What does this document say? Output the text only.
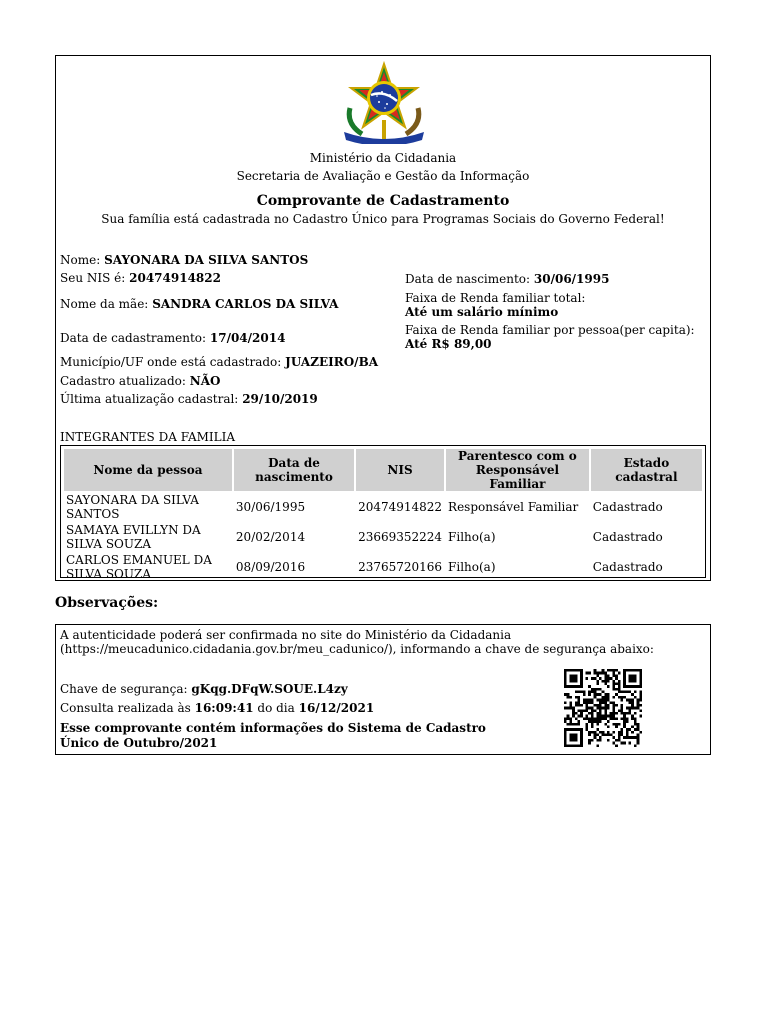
Ministério da Cidadania
Secretaria de Avaliação e Gestão da Informação
Comprovante de Cadastramento
Sua família está cadastrada no Cadastro Único para Programas Sociais do Governo Federal!
Nome: SAYONARA DA SILVA SANTOS
Seu NIS é: 20474914822
Nome da mãe: SANDRA CARLOS DA SILVA
Data de cadastramento: 17/04/2014
Município/UF onde está cadastrado: JUAZEIRO/BA
Cadastro atualizado: NÃO
Última atualização cadastral: 29/10/2019
Data de nascimento: 30/06/1995
Faixa de Renda familiar total:
Até um salário mínimo
Faixa de Renda familiar por pessoa(per capita):
Até R$ 89,00
INTEGRANTES DA FAMILIA
Nome da pessoa	Data de nascimento	NIS	Parentesco com o Responsável Familiar	Estado cadastral
SAYONARA DA SILVA SANTOS	30/06/1995	20474914822	Responsável Familiar	Cadastrado
SAMAYA EVILLYN DA SILVA SOUZA	20/02/2014	23669352224	Filho(a)	Cadastrado
CARLOS EMANUEL DA SILVA SOUZA	08/09/2016	23765720166	Filho(a)	Cadastrado
Observações:
A autenticidade poderá ser confirmada no site do Ministério da Cidadania
(https://meucadunico.cidadania.gov.br/meu_cadunico/), informando a chave de segurança abaixo:
Chave de segurança: gKqg.DFqW.SOUE.L4zy
Consulta realizada às 16:09:41 do dia 16/12/2021
Esse comprovante contém informações do Sistema de Cadastro
Único de Outubro/2021
